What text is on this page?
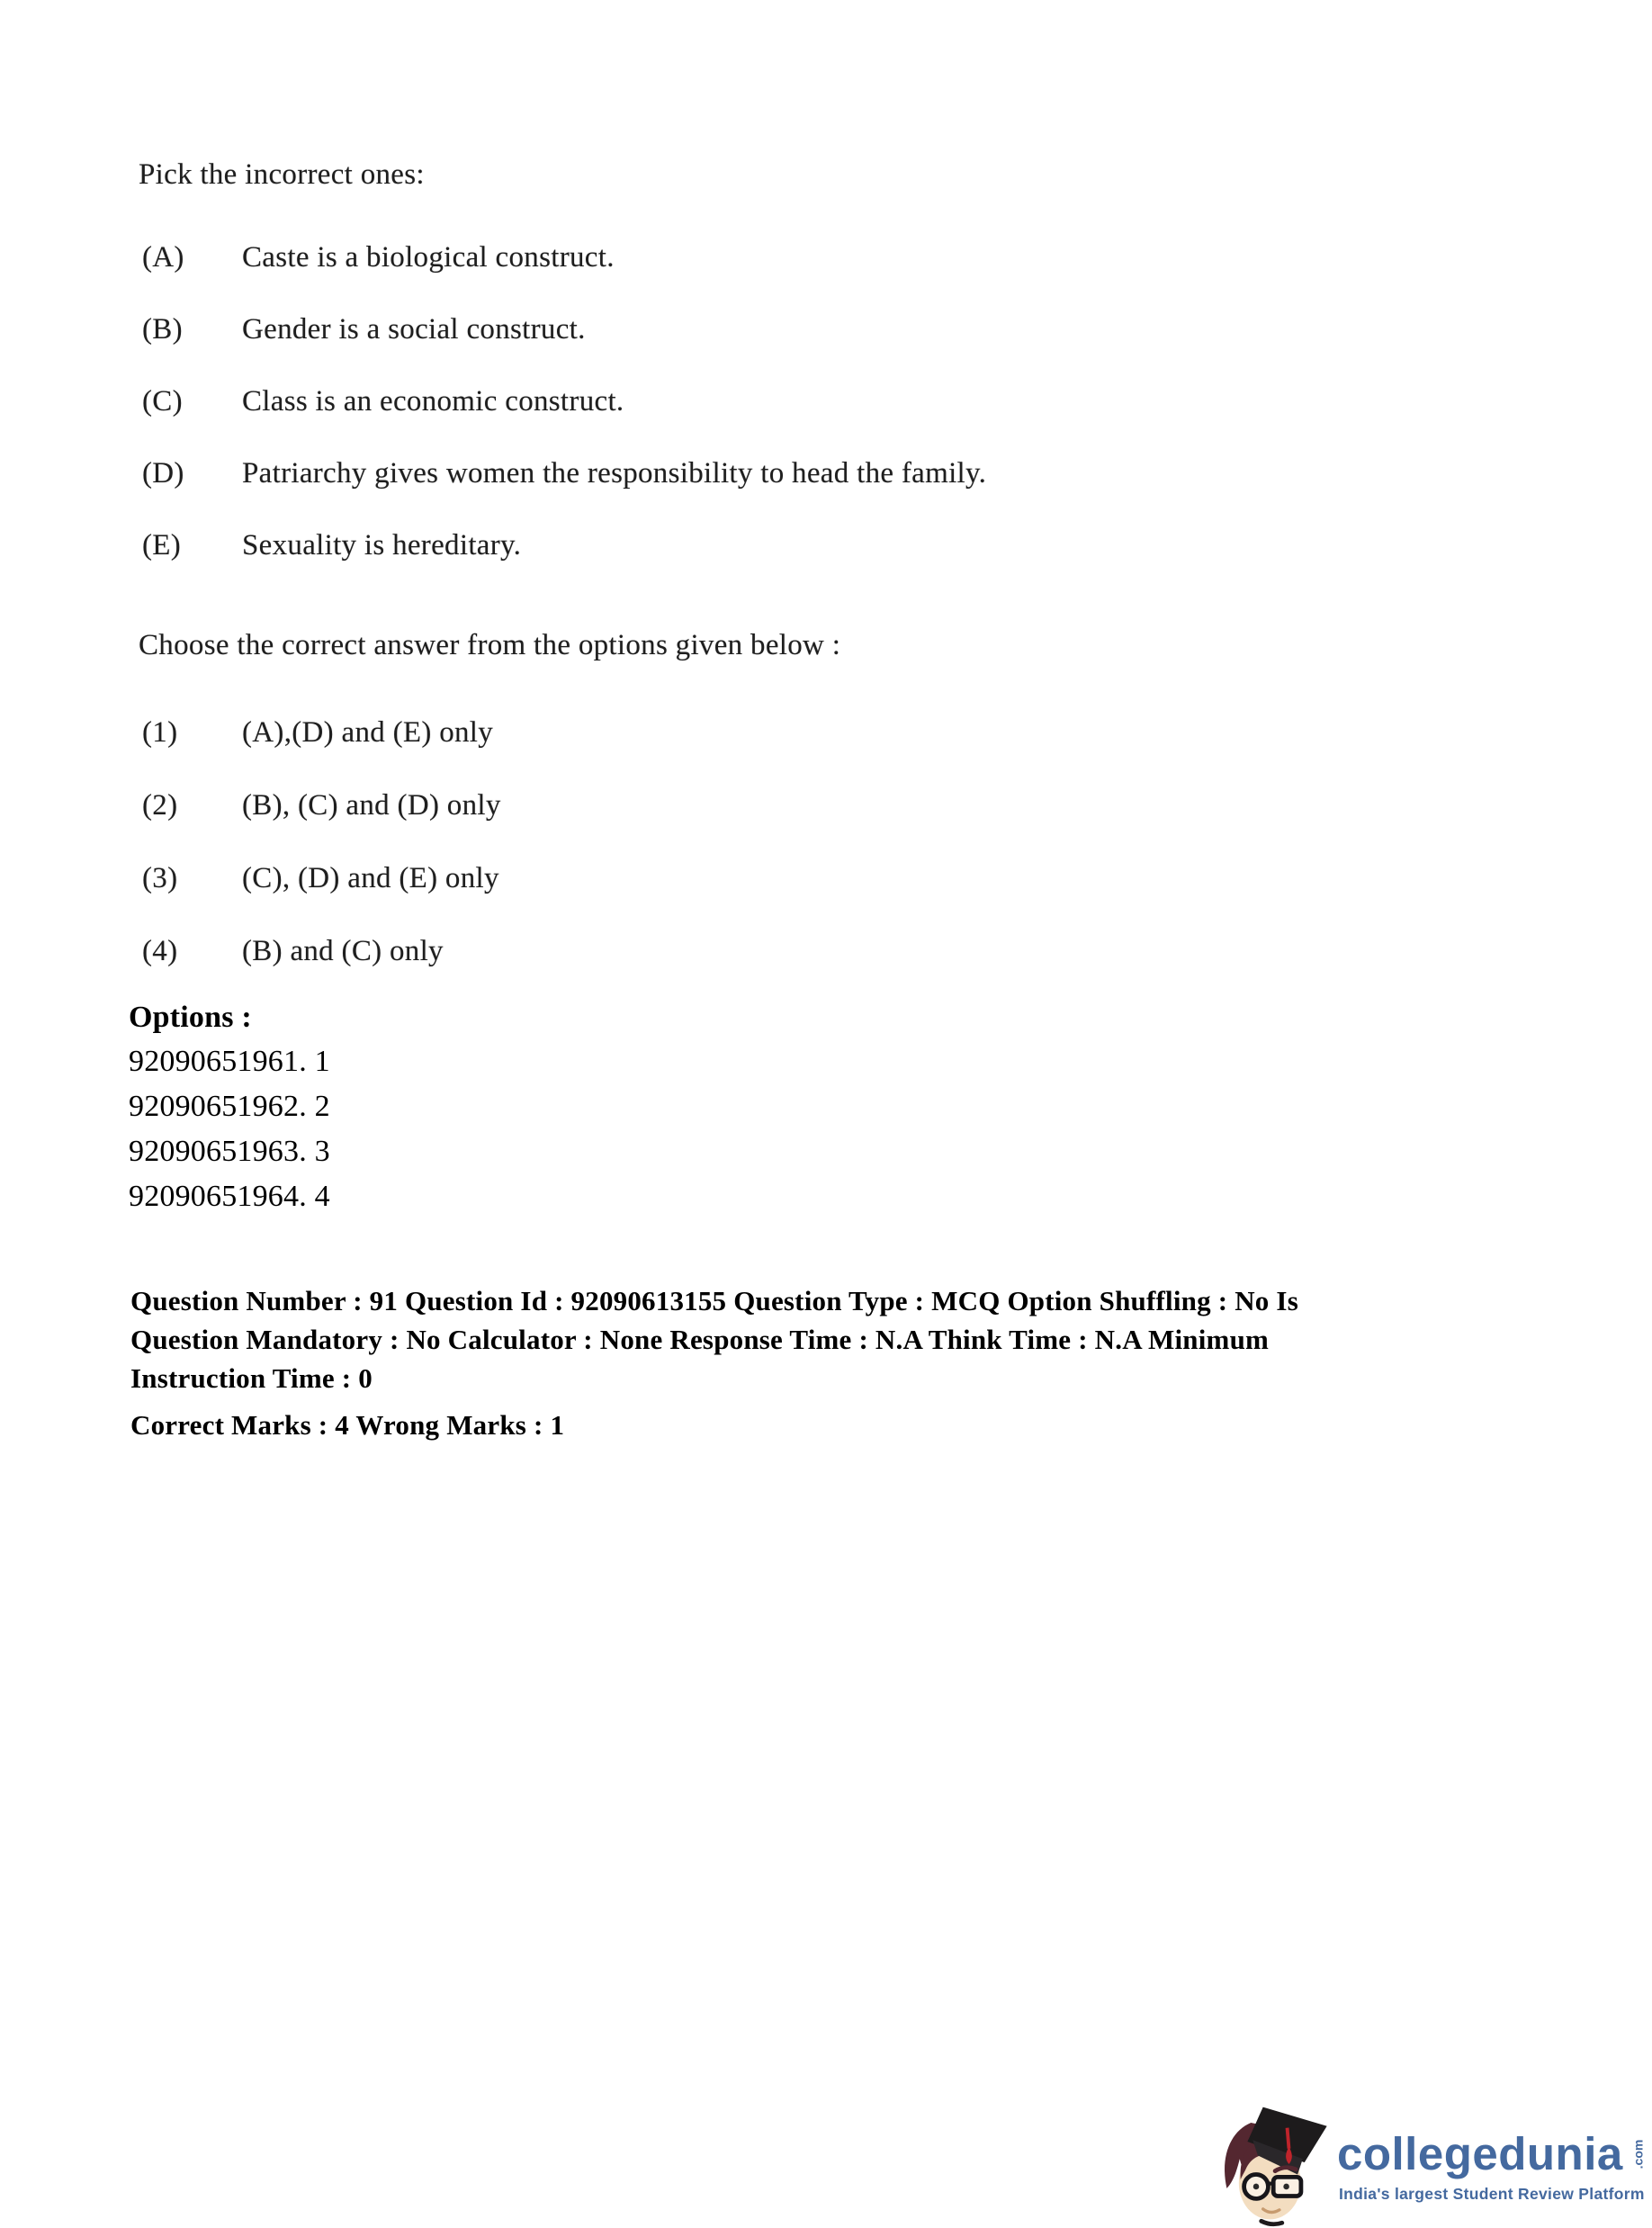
Pick the incorrect ones:
(A) Caste is a biological construct.
(B) Gender is a social construct.
(C) Class is an economic construct.
(D) Patriarchy gives women the responsibility to head the family.
(E) Sexuality is hereditary.
Choose the correct answer from the options given below :
(1) (A),(D) and (E) only
(2) (B), (C) and (D) only
(3) (C), (D) and (E) only
(4) (B) and (C) only
Options :
92090651961. 1
92090651962. 2
92090651963. 3
92090651964. 4
Question Number : 91 Question Id : 92090613155 Question Type : MCQ Option Shuffling : No Is
Question Mandatory : No Calculator : None Response Time : N.A Think Time : N.A Minimum
Instruction Time : 0
Correct Marks : 4 Wrong Marks : 1
collegedunia .com
India's largest Student Review Platform
